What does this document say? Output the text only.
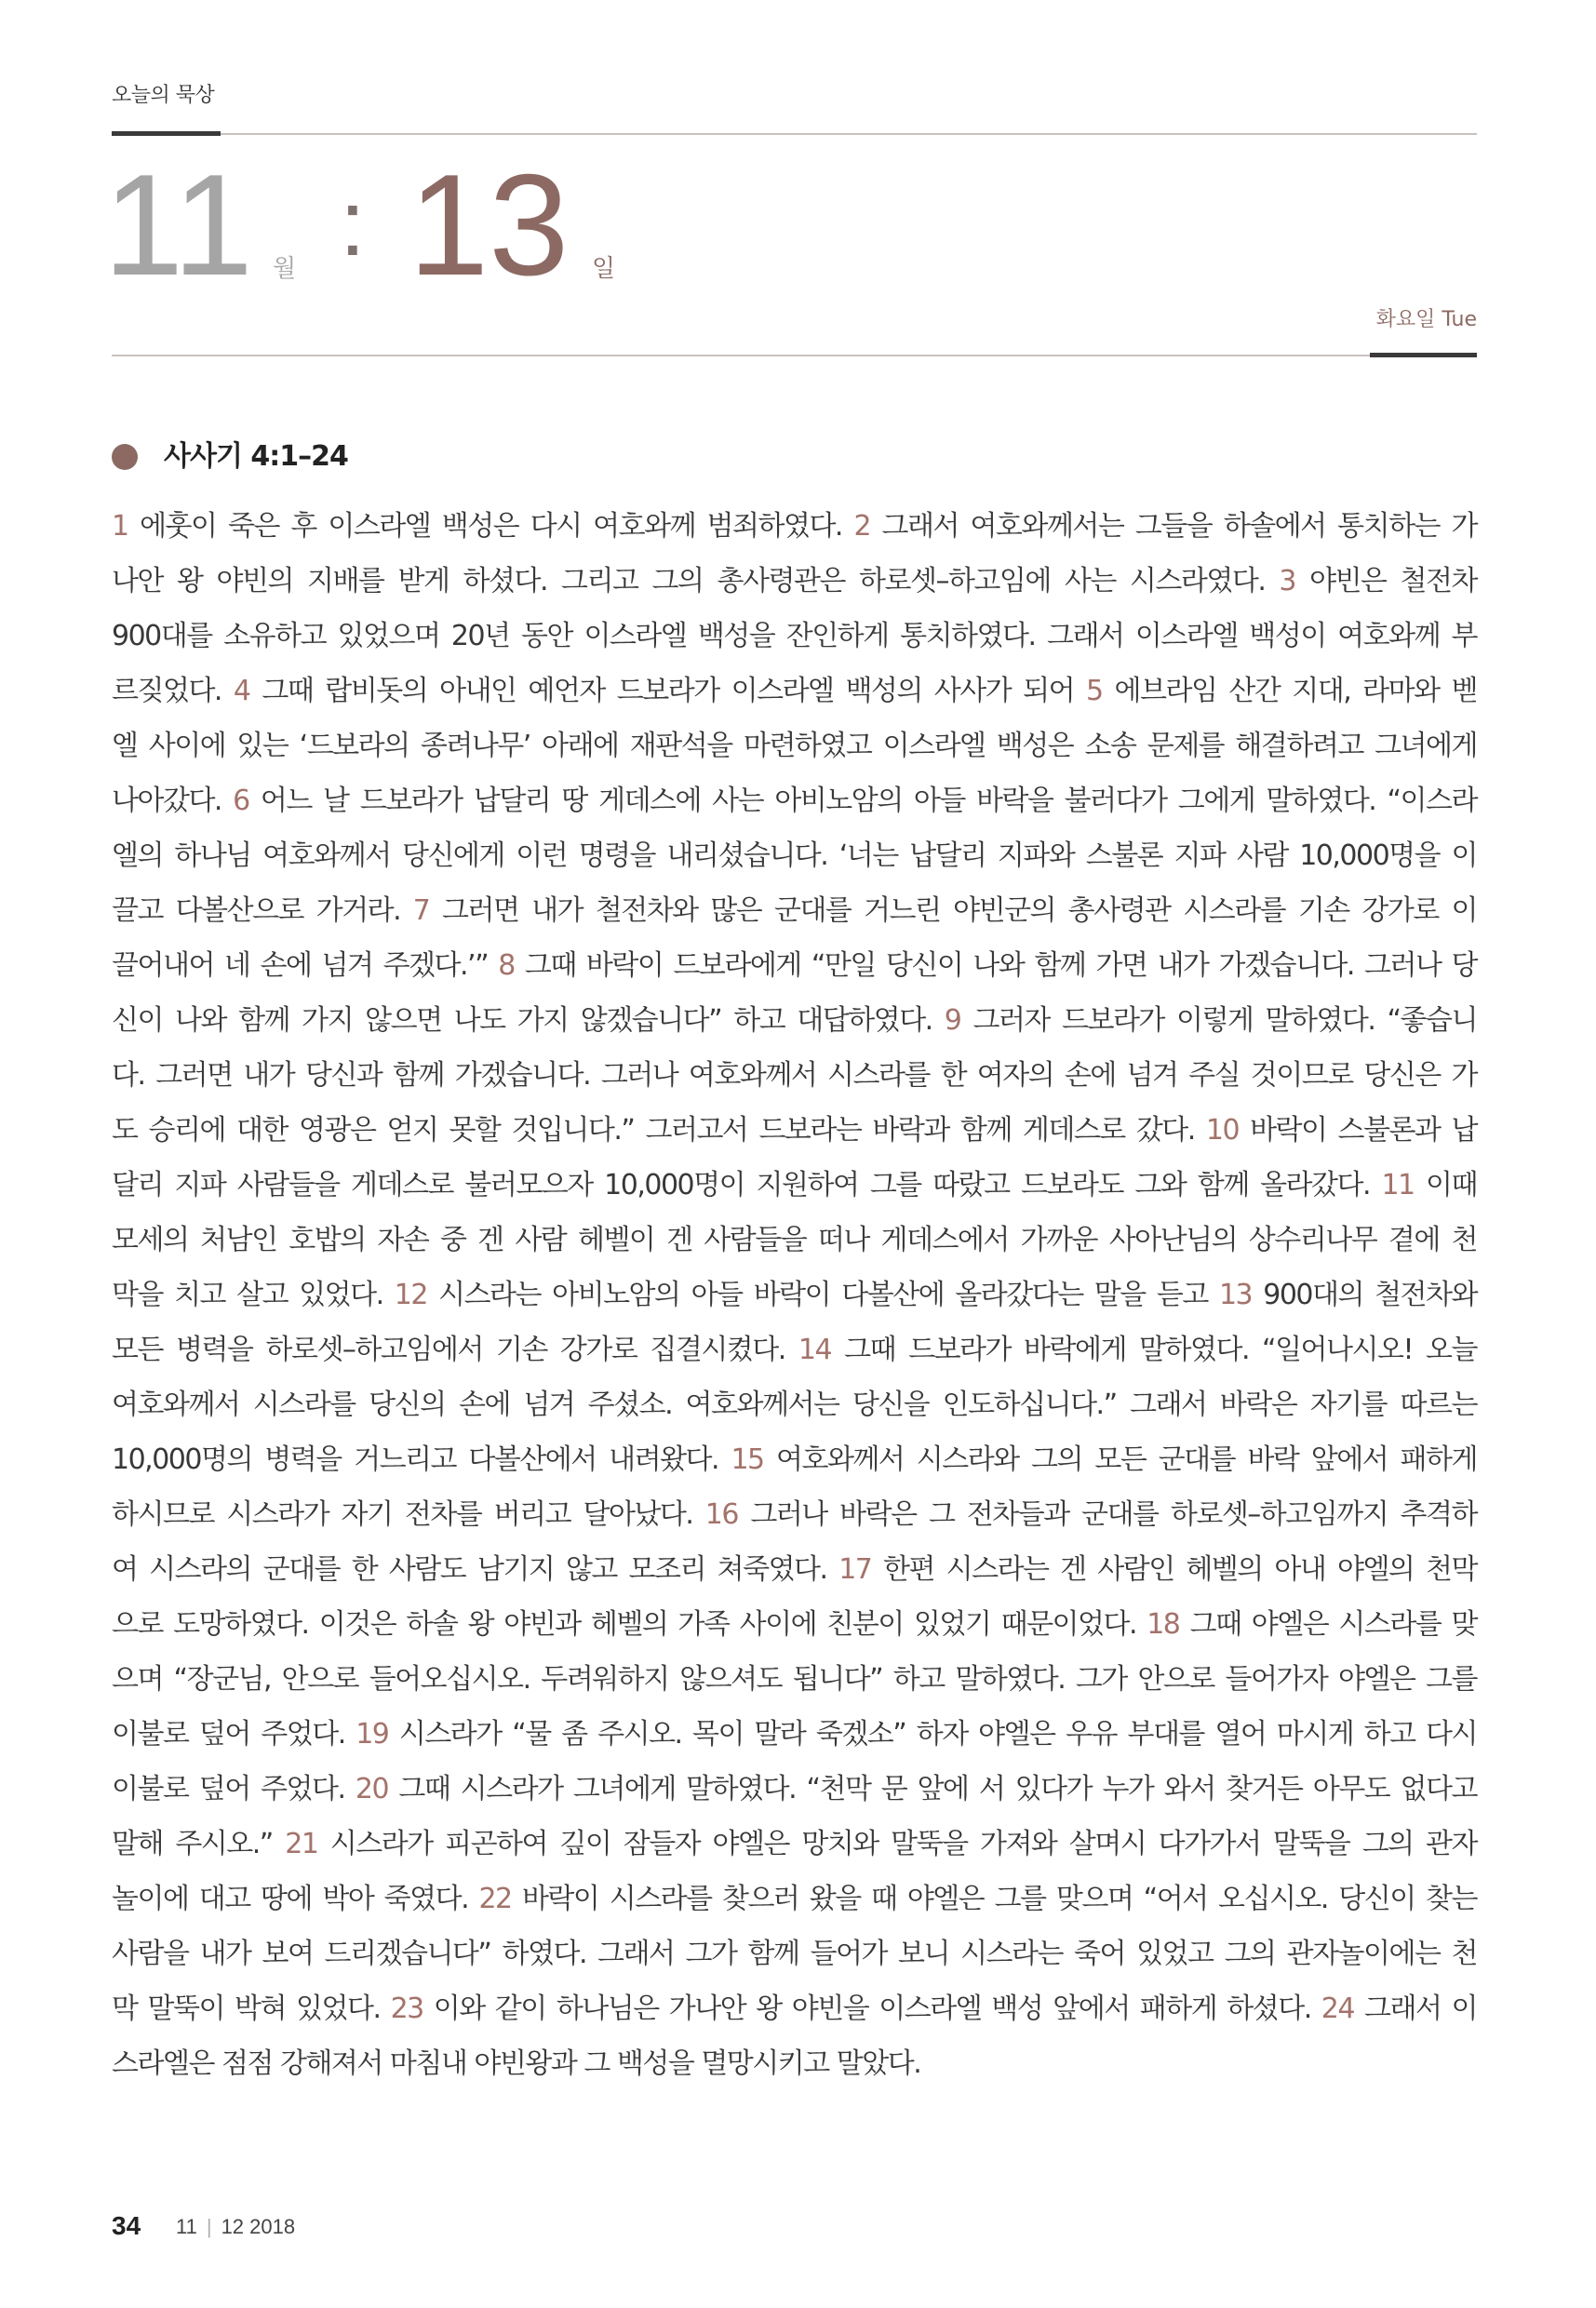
오늘의 묵상
11 월 : 13 일
화요일 Tue
사사기 4:1–24
1 에훗이 죽은 후 이스라엘 백성은 다시 여호와께 범죄하였다. 2 그래서 여호와께서는 그들을 하솔에서 통치하는 가
나안 왕 야빈의 지배를 받게 하셨다. 그리고 그의 총사령관은 하로셋–하고임에 사는 시스라였다. 3 야빈은 철전차
900대를 소유하고 있었으며 20년 동안 이스라엘 백성을 잔인하게 통치하였다. 그래서 이스라엘 백성이 여호와께 부
르짖었다. 4 그때 랍비돗의 아내인 예언자 드보라가 이스라엘 백성의 사사가 되어 5 에브라임 산간 지대, 라마와 벧
엘 사이에 있는 ‘드보라의 종려나무’ 아래에 재판석을 마련하였고 이스라엘 백성은 소송 문제를 해결하려고 그녀에게
나아갔다. 6 어느 날 드보라가 납달리 땅 게데스에 사는 아비노암의 아들 바락을 불러다가 그에게 말하였다. “이스라
엘의 하나님 여호와께서 당신에게 이런 명령을 내리셨습니다. ‘너는 납달리 지파와 스불론 지파 사람 10,000명을 이
끌고 다볼산으로 가거라. 7 그러면 내가 철전차와 많은 군대를 거느린 야빈군의 총사령관 시스라를 기손 강가로 이
끌어내어 네 손에 넘겨 주겠다.’” 8 그때 바락이 드보라에게 “만일 당신이 나와 함께 가면 내가 가겠습니다. 그러나 당
신이 나와 함께 가지 않으면 나도 가지 않겠습니다” 하고 대답하였다. 9 그러자 드보라가 이렇게 말하였다. “좋습니
다. 그러면 내가 당신과 함께 가겠습니다. 그러나 여호와께서 시스라를 한 여자의 손에 넘겨 주실 것이므로 당신은 가
도 승리에 대한 영광은 얻지 못할 것입니다.” 그러고서 드보라는 바락과 함께 게데스로 갔다. 10 바락이 스불론과 납
달리 지파 사람들을 게데스로 불러모으자 10,000명이 지원하여 그를 따랐고 드보라도 그와 함께 올라갔다. 11 이때
모세의 처남인 호밥의 자손 중 겐 사람 헤벨이 겐 사람들을 떠나 게데스에서 가까운 사아난님의 상수리나무 곁에 천
막을 치고 살고 있었다. 12 시스라는 아비노암의 아들 바락이 다볼산에 올라갔다는 말을 듣고 13 900대의 철전차와
모든 병력을 하로셋–하고임에서 기손 강가로 집결시켰다. 14 그때 드보라가 바락에게 말하였다. “일어나시오! 오늘
여호와께서 시스라를 당신의 손에 넘겨 주셨소. 여호와께서는 당신을 인도하십니다.” 그래서 바락은 자기를 따르는
10,000명의 병력을 거느리고 다볼산에서 내려왔다. 15 여호와께서 시스라와 그의 모든 군대를 바락 앞에서 패하게
하시므로 시스라가 자기 전차를 버리고 달아났다. 16 그러나 바락은 그 전차들과 군대를 하로셋–하고임까지 추격하
여 시스라의 군대를 한 사람도 남기지 않고 모조리 쳐죽였다. 17 한편 시스라는 겐 사람인 헤벨의 아내 야엘의 천막
으로 도망하였다. 이것은 하솔 왕 야빈과 헤벨의 가족 사이에 친분이 있었기 때문이었다. 18 그때 야엘은 시스라를 맞
으며 “장군님, 안으로 들어오십시오. 두려워하지 않으셔도 됩니다” 하고 말하였다. 그가 안으로 들어가자 야엘은 그를
이불로 덮어 주었다. 19 시스라가 “물 좀 주시오. 목이 말라 죽겠소” 하자 야엘은 우유 부대를 열어 마시게 하고 다시
이불로 덮어 주었다. 20 그때 시스라가 그녀에게 말하였다. “천막 문 앞에 서 있다가 누가 와서 찾거든 아무도 없다고
말해 주시오.” 21 시스라가 피곤하여 깊이 잠들자 야엘은 망치와 말뚝을 가져와 살며시 다가가서 말뚝을 그의 관자
놀이에 대고 땅에 박아 죽였다. 22 바락이 시스라를 찾으러 왔을 때 야엘은 그를 맞으며 “어서 오십시오. 당신이 찾는
사람을 내가 보여 드리겠습니다” 하였다. 그래서 그가 함께 들어가 보니 시스라는 죽어 있었고 그의 관자놀이에는 천
막 말뚝이 박혀 있었다. 23 이와 같이 하나님은 가나안 왕 야빈을 이스라엘 백성 앞에서 패하게 하셨다. 24 그래서 이
스라엘은 점점 강해져서 마침내 야빈왕과 그 백성을 멸망시키고 말았다.
34 11 | 12 2018
